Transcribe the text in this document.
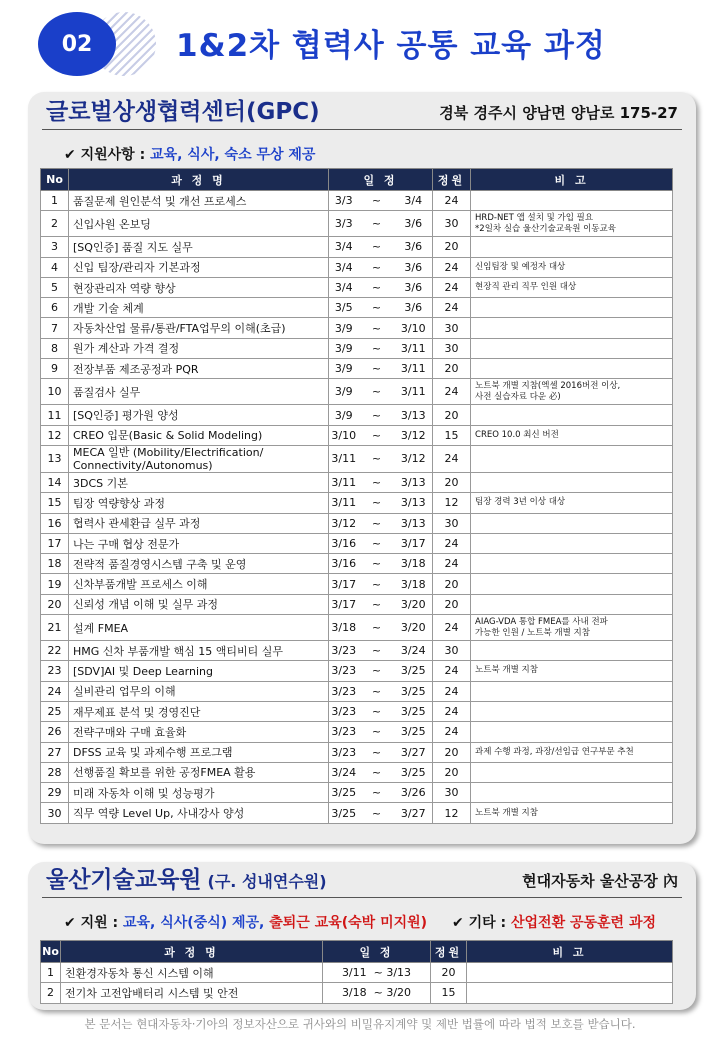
02	1&2차 협력사 공통 교육 과정
글로벌상생협력센터(GPC)	경북 경주시 양남면 양남로 175-27
✔ 지원사항 : 교육, 식사, 숙소 무상 제공
No	과 정 명	일 정			정원	비 고
1	품질문제 원인분석 및 개선 프로세스	3/3	~	3/4	24	
2	신입사원 온보딩	3/3	~	3/6	30	HRD-NET 앱 설치 및 가입 필요
*2일차 실습 울산기술교육원 이동교육
3	[SQ인증] 품질 지도 실무	3/4	~	3/6	20	
4	신입 팀장/관리자 기본과정	3/4	~	3/6	24	신임팀장 및 예정자 대상
5	현장관리자 역량 향상	3/4	~	3/6	24	현장직 관리 직무 인원 대상
6	개발 기술 체계	3/5	~	3/6	24	
7	자동차산업 물류/통관/FTA업무의 이해(초급)	3/9	~	3/10	30	
8	원가 계산과 가격 결정	3/9	~	3/11	30	
9	전장부품 제조공정과 PQR	3/9	~	3/11	20	
10	품질검사 실무	3/9	~	3/11	24	노트북 개별 지참(엑셀 2016버전 이상,
사전 실습자료 다운 必)
11	[SQ인증] 평가원 양성	3/9	~	3/13	20	
12	CREO 입문(Basic & Solid Modeling)	3/10	~	3/12	15	CREO 10.0 최신 버전
13	MECA 일반 (Mobility/Electrification/
Connectivity/Autonomus)	3/11	~	3/12	24	
14	3DCS 기본	3/11	~	3/13	20	
15	팀장 역량향상 과정	3/11	~	3/13	12	팀장 경력 3년 이상 대상
16	협력사 관세환급 실무 과정	3/12	~	3/13	30	
17	나는 구매 협상 전문가	3/16	~	3/17	24	
18	전략적 품질경영시스템 구축 및 운영	3/16	~	3/18	24	
19	신차부품개발 프로세스 이해	3/17	~	3/18	20	
20	신뢰성 개념 이해 및 실무 과정	3/17	~	3/20	20	
21	설계 FMEA	3/18	~	3/20	24	AIAG-VDA 통합 FMEA를 사내 전파
가능한 인원 / 노트북 개별 지참
22	HMG 신차 부품개발 핵심 15 액티비티 실무	3/23	~	3/24	30	
23	[SDV]AI 및 Deep Learning	3/23	~	3/25	24	노트북 개별 지참
24	실비관리 업무의 이해	3/23	~	3/25	24	
25	재무제표 분석 및 경영진단	3/23	~	3/25	24	
26	전략구매와 구매 효율화	3/23	~	3/25	24	
27	DFSS 교육 및 과제수행 프로그램	3/23	~	3/27	20	과제 수행 과정, 과장/선임급 연구부문 추천
28	선행품질 확보를 위한 공정FMEA 활용	3/24	~	3/25	20	
29	미래 자동차 이해 및 성능평가	3/25	~	3/26	30	
30	직무 역량 Level Up, 사내강사 양성	3/25	~	3/27	12	노트북 개별 지참
울산기술교육원 (구. 성내연수원)	현대자동차 울산공장 內
✔ 지원 : 교육, 식사(중식) 제공, 출퇴근 교육(숙박 미지원) ✔ 기타 : 산업전환 공동훈련 과정
No	과 정 명	일 정	정원	비 고
1	친환경자동차 통신 시스템 이해	3/11  ~ 3/13	20	
2	전기차 고전압배터리 시스템 및 안전	3/18  ~ 3/20	15	
본 문서는 현대자동차·기아의 정보자산으로 귀사와의 비밀유지계약 및 제반 법률에 따라 법적 보호를 받습니다.
